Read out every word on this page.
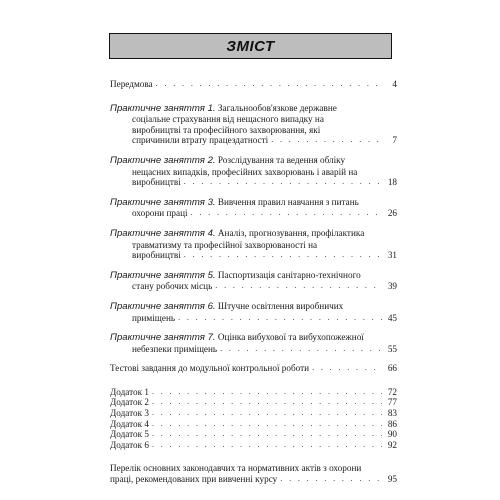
ЗМІСТ
Передмова . . .	4
Практичне заняття 1. Загальнообов'язкове державне
соціальне страхування від нещасного випадку на
виробництві та професійного захворювання, які
спричинили втрату працездатності . . .	7
Практичне заняття 2. Розслідування та ведення обліку
нещасних випадків, професійних захворювань і аварій на
виробництві . . .	18
Практичне заняття 3. Вивчення правил навчання з питань
охорони праці . . .	26
Практичне заняття 4. Аналіз, прогнозування, профілактика
травматизму та професійної захворюваності на
виробництві . . .	31
Практичне заняття 5. Паспортизація санітарно-технічного
стану робочих місць . . .	39
Практичне заняття 6. Штучне освітлення виробничих
приміщень . . .	45
Практичне заняття 7. Оцінка вибухової та вибухопожежної
небезпеки приміщень . . .	55
Тестові завдання до модульної контрольної роботи . . .	66
Додаток 1 . . .	72
Додаток 2 . . .	77
Додаток 3 . . .	83
Додаток 4 . . .	86
Додаток 5 . . .	90
Додаток 6 . . .	92
Перелік основних законодавчих та нормативних актів з охорони
праці, рекомендованих при вивченні курсу . . .	95
